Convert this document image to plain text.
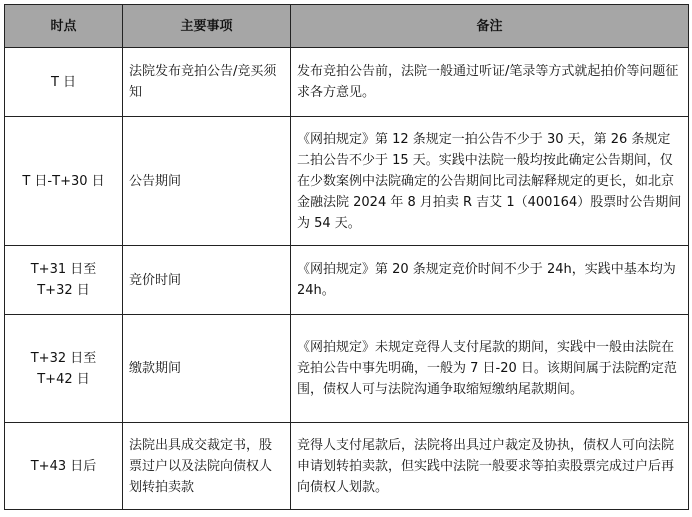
时点	主要事项	备注
T 日	法院发布竞拍公告/竞买须知	发布竞拍公告前，法院一般通过听证/笔录等方式就起拍价等问题征求各方意见。
T 日-T+30 日	公告期间	《网拍规定》第 12 条规定一拍公告不少于 30 天，第 26 条规定二拍公告不少于 15 天。实践中法院一般均按此确定公告期间，仅在少数案例中法院确定的公告期间比司法解释规定的更长，如北京金融法院 2024 年 8 月拍卖 R 吉艾 1（400164）股票时公告期间为 54 天。
T+31 日至 T+32 日	竞价时间	《网拍规定》第 20 条规定竞价时间不少于 24h，实践中基本均为 24h。
T+32 日至 T+42 日	缴款期间	《网拍规定》未规定竞得人支付尾款的期间，实践中一般由法院在竞拍公告中事先明确，一般为 7 日-20 日。该期间属于法院酌定范围，债权人可与法院沟通争取缩短缴纳尾款期间。
T+43 日后	法院出具成交裁定书，股票过户以及法院向债权人划转拍卖款	竞得人支付尾款后，法院将出具过户裁定及协执，债权人可向法院申请划转拍卖款，但实践中法院一般要求等拍卖股票完成过户后再向债权人划款。
